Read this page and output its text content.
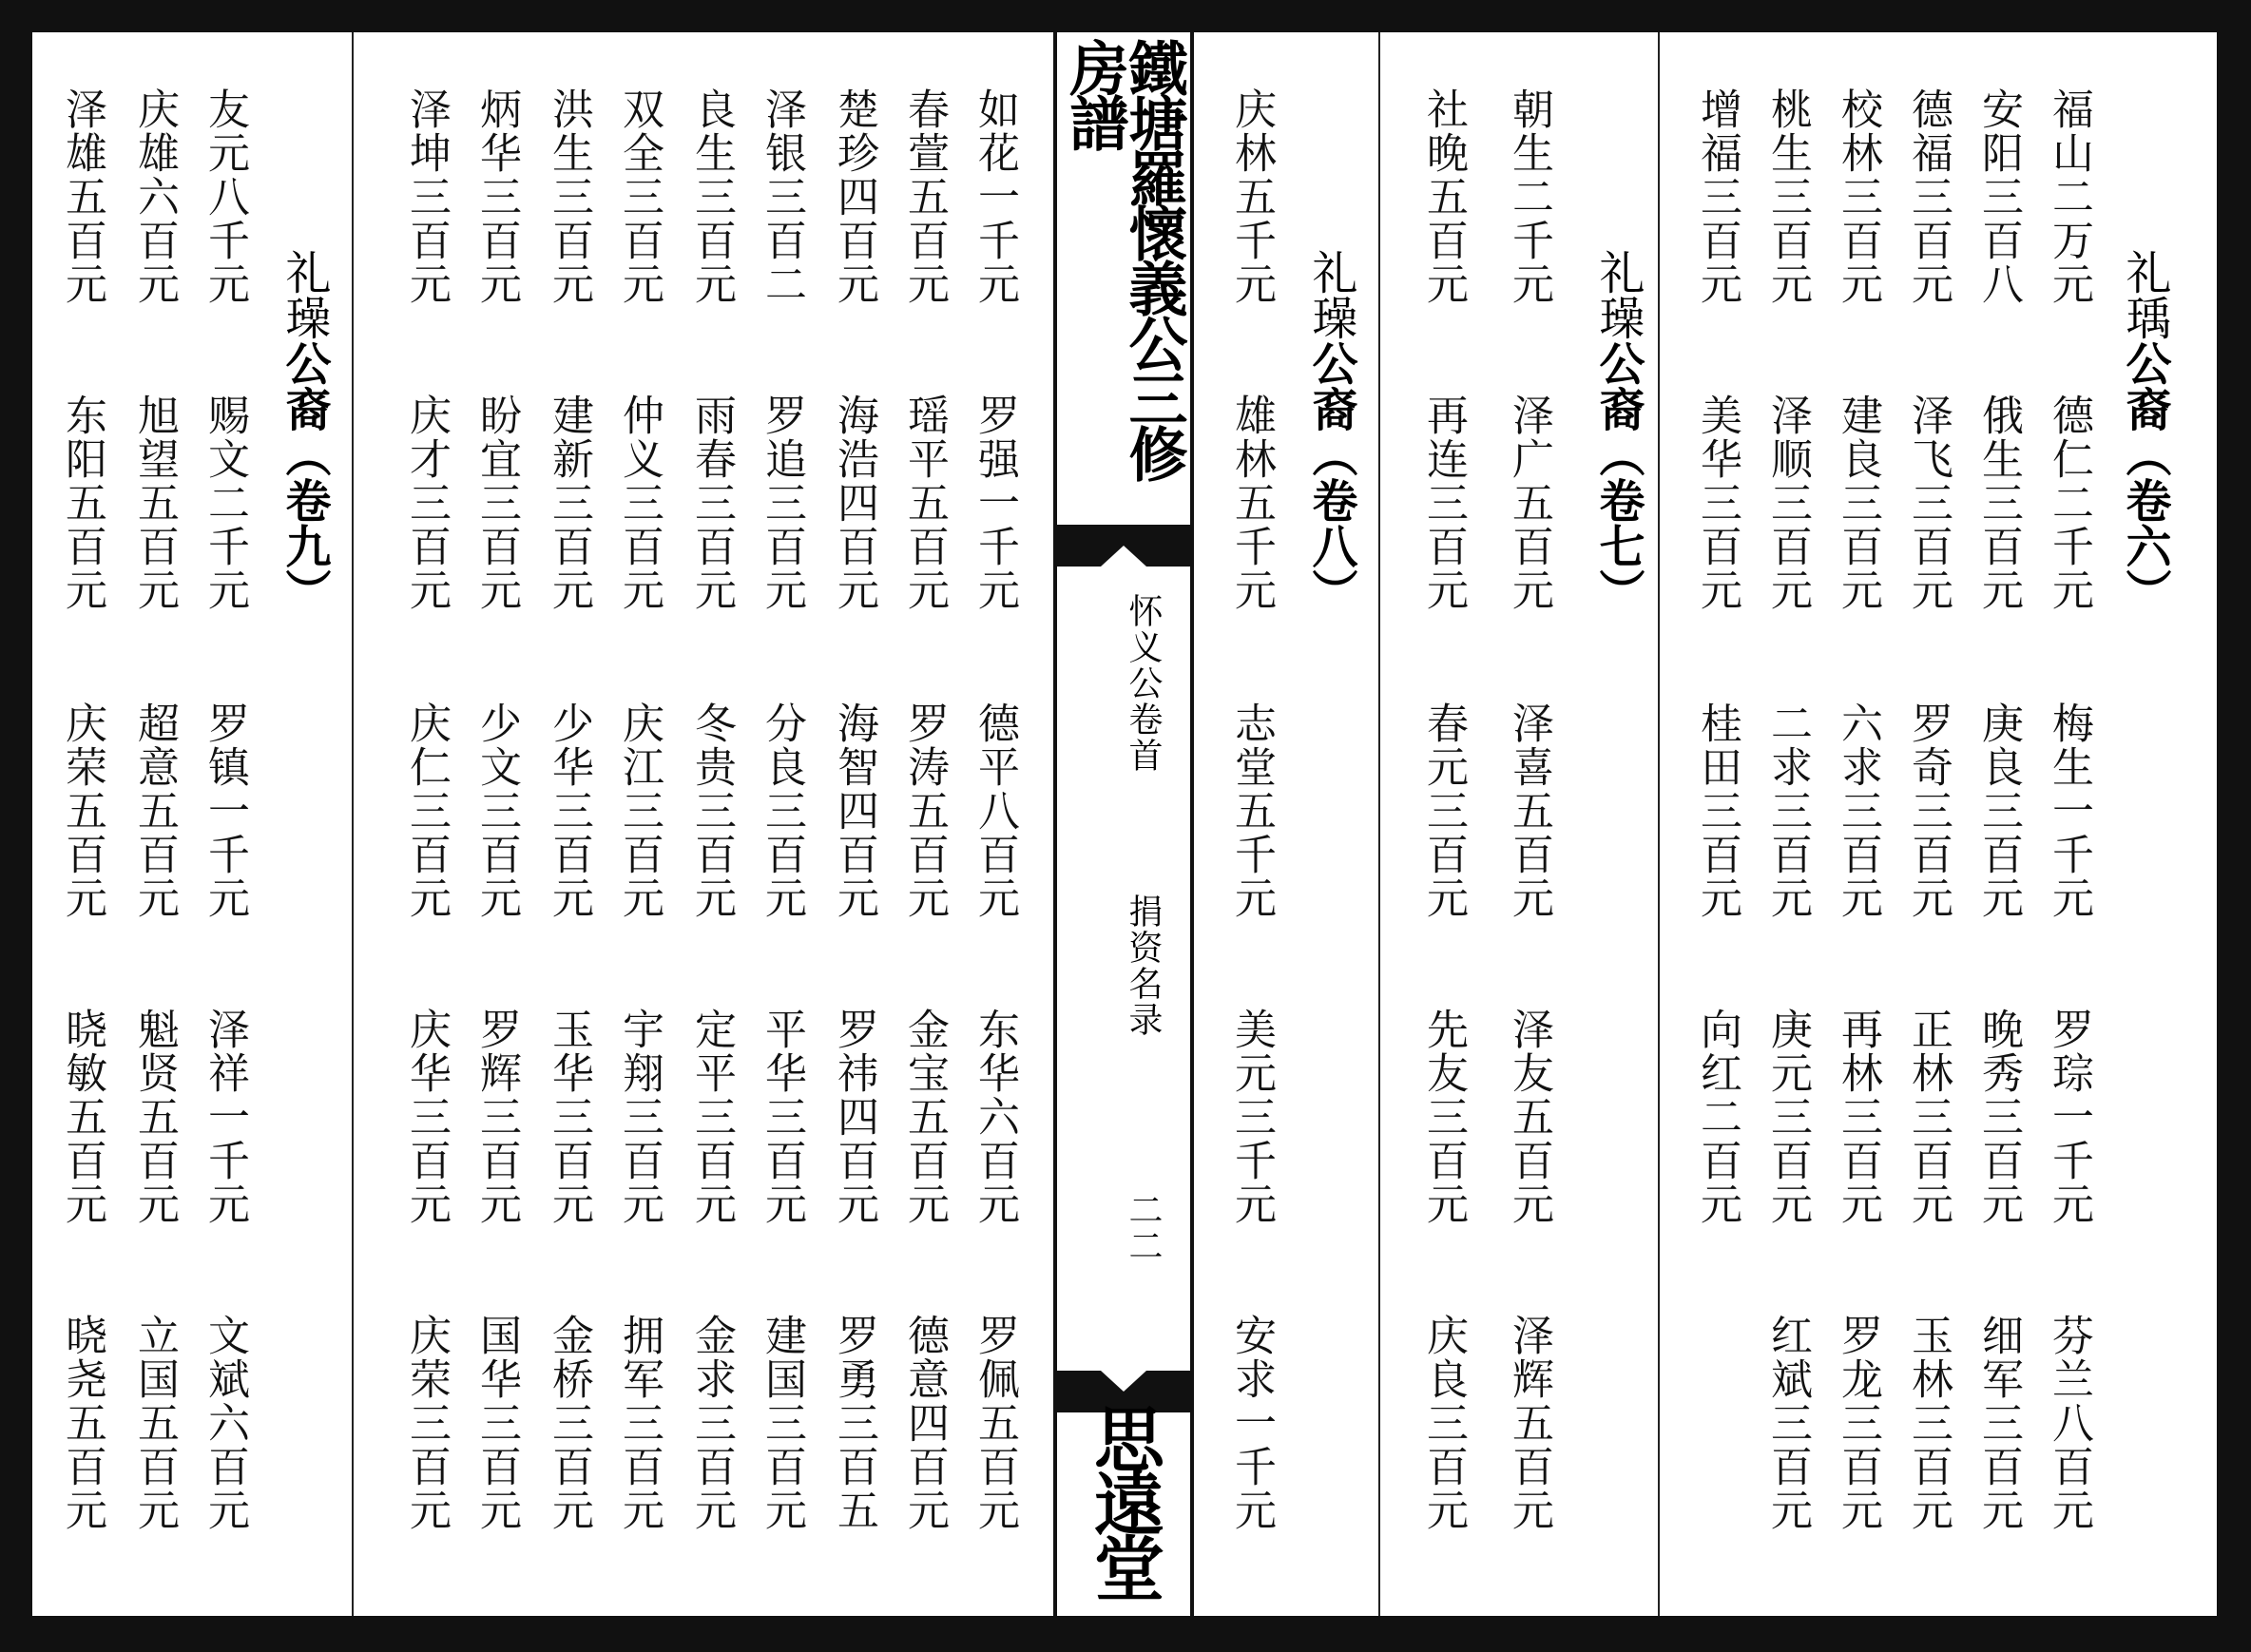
礼瑀公裔（卷六）
礼璪公裔（卷七）
礼璪公裔（卷八）
礼璪公裔（卷九）	鐵塘羅懷義公三修房譜
怀义公卷首
捐资名录
二二
思遠堂
福山二万元
德仁二千元
梅生一千元
罗琮一千元
芬兰八百元
安阳三百八
俄生三百元
庚良三百元
晚秀三百元
细军三百元
德福三百元
泽飞三百元
罗奇三百元
正林三百元
玉林三百元
校林三百元
建良三百元
六求三百元
再林三百元
罗龙三百元
桃生三百元
泽顺三百元
二求三百元
庚元三百元
红斌三百元
增福三百元
美华三百元
桂田三百元
向红二百元
朝生二千元
泽广五百元
泽喜五百元
泽友五百元
泽辉五百元
社晚五百元
再连三百元
春元三百元
先友三百元
庆良三百元
庆林五千元
雄林五千元
志堂五千元
美元三千元
安求一千元
如花一千元
罗强一千元
德平八百元
东华六百元
罗佩五百元
春萱五百元
瑶平五百元
罗涛五百元
金宝五百元
德意四百元
楚珍四百元
海浩四百元
海智四百元
罗祎四百元
罗勇三百五
泽银三百二
罗追三百元
分良三百元
平华三百元
建国三百元
良生三百元
雨春三百元
冬贵三百元
定平三百元
金求三百元
双全三百元
仲义三百元
庆江三百元
宇翔三百元
拥军三百元
洪生三百元
建新三百元
少华三百元
玉华三百元
金桥三百元
炳华三百元
盼宜三百元
少文三百元
罗辉三百元
国华三百元
泽坤三百元
庆才三百元
庆仁三百元
庆华三百元
庆荣三百元
友元八千元
赐文二千元
罗镇一千元
泽祥一千元
文斌六百元
庆雄六百元
旭望五百元
超意五百元
魁贤五百元
立国五百元
泽雄五百元
东阳五百元
庆荣五百元
晓敏五百元
晓尧五百元
